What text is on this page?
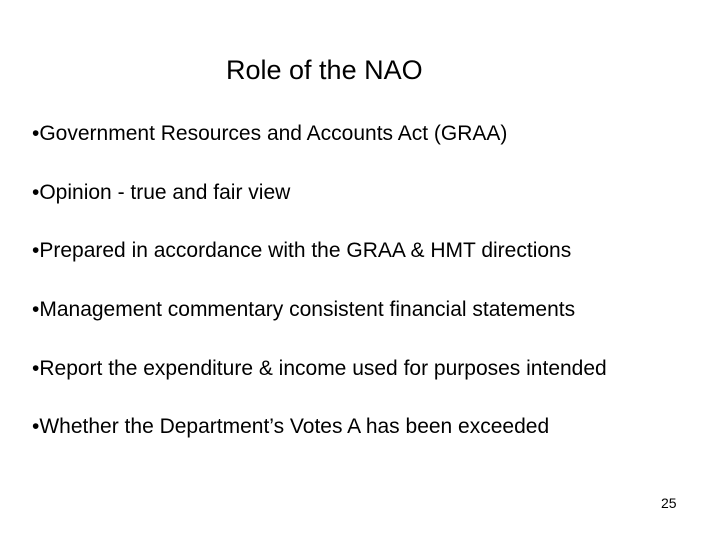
Role of the NAO
•Government Resources and Accounts Act (GRAA)
•Opinion - true and fair view
•Prepared in accordance with the GRAA & HMT directions
•Management commentary consistent financial statements
•Report the expenditure & income used for purposes intended
•Whether the Department’s Votes A has been exceeded
25
